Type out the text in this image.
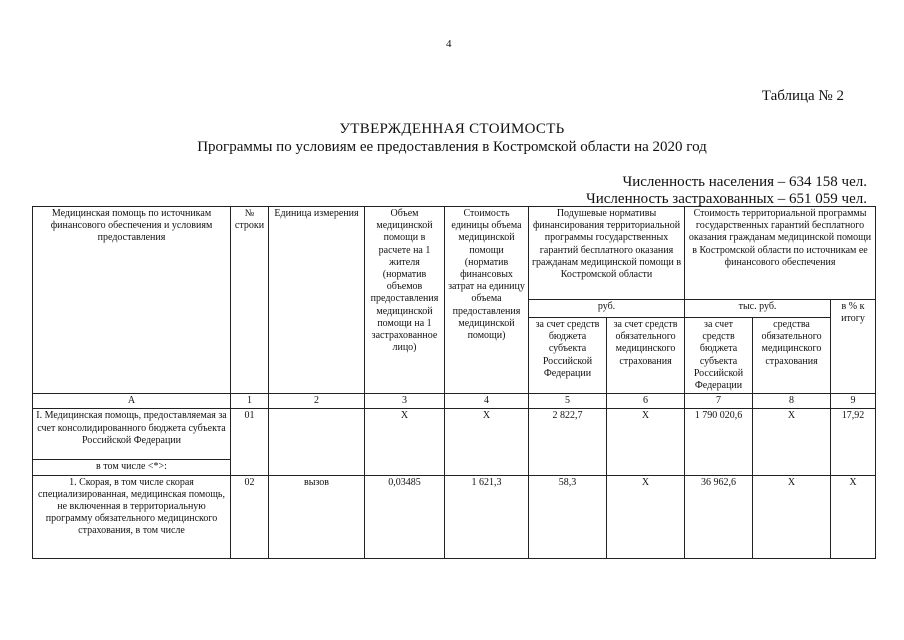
4
Таблица № 2
УТВЕРЖДЕННАЯ СТОИМОСТЬ
Программы по условиям ее предоставления в Костромской области на 2020 год
Численность населения – 634 158 чел.
Численность застрахованных – 651 059 чел.
Медицинская помощь по источникам финансового обеспечения и условиям предоставления	№ строки	Единица измерения	Объем медицинской помощи в расчете на 1 жителя (норматив объемов предоставления медицинской помощи на 1 застрахованное лицо)	Стоимость единицы объема медицинской помощи (норматив финансовых затрат на единицу объема предоставления медицинской помощи)	Подушевые нормативы финансирования территориальной программы государственных гарантий бесплатного оказания гражданам медицинской помощи в Костромской области		Стоимость территориальной программы государственных гарантий бесплатного оказания гражданам медицинской помощи в Костромской области по источникам ее финансового обеспечения		
					руб.		тыс. руб.		в % к итогу
					за счет средств бюджета субъекта Российской Федерации	за счет средств обязательного медицинского страхования	за счет средств бюджета субъекта Российской Федерации	средства обязательного медицинского страхования	
А	1	2	3	4	5	6	7	8	9
I. Медицинская помощь, предоставляемая за счет консолидированного бюджета субъекта Российской Федерации	01		Х	Х	2 822,7	Х	1 790 020,6	Х	17,92
в том числе <*>:									
1. Скорая, в том числе скорая специализированная, медицинская помощь, не включенная в территориальную программу обязательного медицинского страхования, в том числе	02	вызов	0,03485	1 621,3	58,3	Х	36 962,6	Х	Х
